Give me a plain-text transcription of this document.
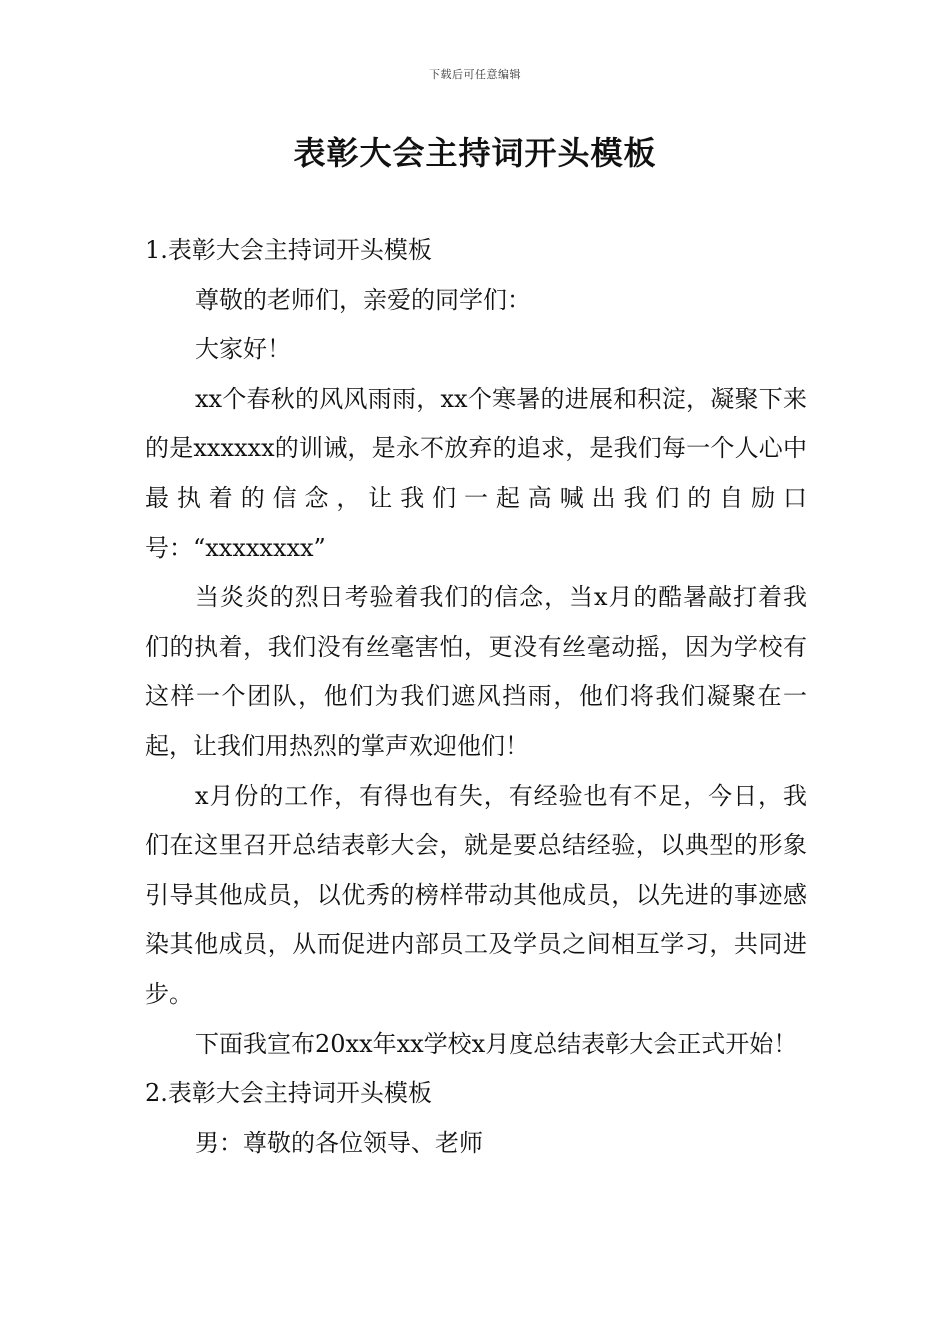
下载后可任意编辑
表彰大会主持词开头模板

1.表彰大会主持词开头模板

尊敬的老师们，亲爱的同学们：

大家好！

xx个春秋的风风雨雨，xx个寒暑的进展和积淀，凝聚下来的是xxxxxx的训诫，是永不放弃的追求，是我们每一个人心中最执着的信念，让我们一起高喊出我们的自励口号：“xxxxxxxx”

当炎炎的烈日考验着我们的信念，当x月的酷暑敲打着我们的执着，我们没有丝毫害怕，更没有丝毫动摇，因为学校有这样一个团队，他们为我们遮风挡雨，他们将我们凝聚在一起，让我们用热烈的掌声欢迎他们！

x月份的工作，有得也有失，有经验也有不足，今日，我们在这里召开总结表彰大会，就是要总结经验，以典型的形象引导其他成员，以优秀的榜样带动其他成员，以先进的事迹感染其他成员，从而促进内部员工及学员之间相互学习，共同进步。

下面我宣布20xx年xx学校x月度总结表彰大会正式开始！

2.表彰大会主持词开头模板

男：尊敬的各位领导、老师
